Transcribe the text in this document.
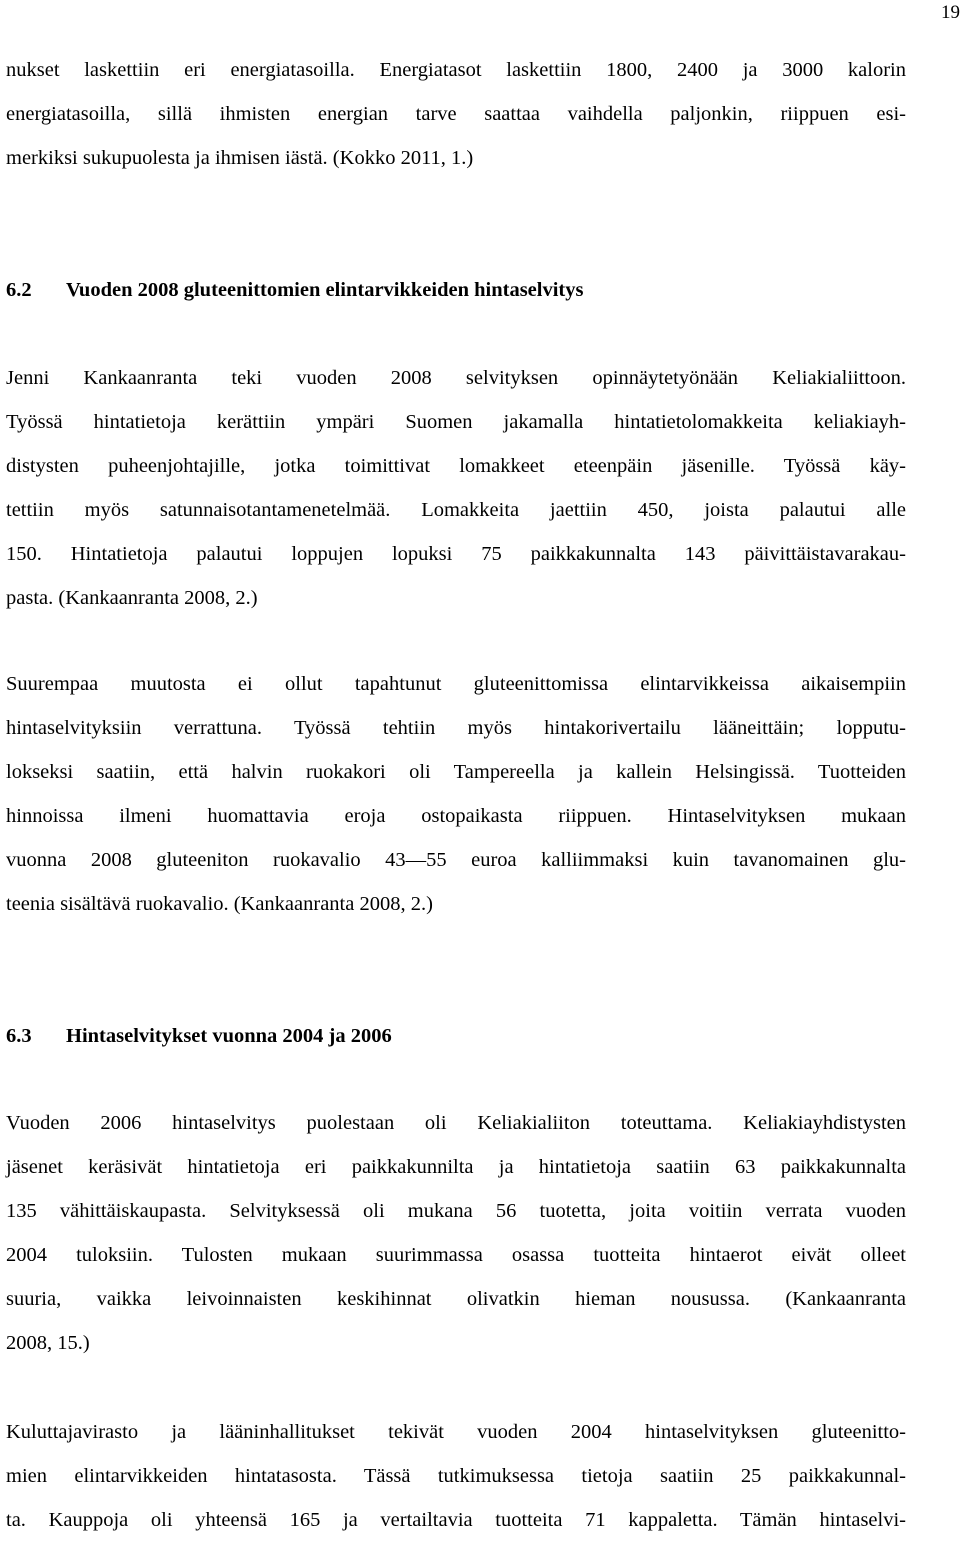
19
nukset laskettiin eri energiatasoilla. Energiatasot laskettiin 1800, 2400 ja 3000 kalorin
energiatasoilla, sillä ihmisten energian tarve saattaa vaihdella paljonkin, riippuen esi-
merkiksi sukupuolesta ja ihmisen iästä. (Kokko 2011, 1.)
6.2 Vuoden 2008 gluteenittomien elintarvikkeiden hintaselvitys
Jenni Kankaanranta teki vuoden 2008 selvityksen opinnäytetyönään Keliakialiittoon.
Työssä hintatietoja kerättiin ympäri Suomen jakamalla hintatietolomakkeita keliakiayh-
distysten puheenjohtajille, jotka toimittivat lomakkeet eteenpäin jäsenille. Työssä käy-
tettiin myös satunnaisotantamenetelmää. Lomakkeita jaettiin 450, joista palautui alle
150. Hintatietoja palautui loppujen lopuksi 75 paikkakunnalta 143 päivittäistavarakau-
pasta. (Kankaanranta 2008, 2.)
Suurempaa muutosta ei ollut tapahtunut gluteenittomissa elintarvikkeissa aikaisempiin
hintaselvityksiin verrattuna. Työssä tehtiin myös hintakorivertailu lääneittäin; lopputu-
lokseksi saatiin, että halvin ruokakori oli Tampereella ja kallein Helsingissä. Tuotteiden
hinnoissa ilmeni huomattavia eroja ostopaikasta riippuen. Hintaselvityksen mukaan
vuonna 2008 gluteeniton ruokavalio 43—55 euroa kalliimmaksi kuin tavanomainen glu-
teenia sisältävä ruokavalio. (Kankaanranta 2008, 2.)
6.3 Hintaselvitykset vuonna 2004 ja 2006
Vuoden 2006 hintaselvitys puolestaan oli Keliakialiiton toteuttama. Keliakiayhdistysten
jäsenet keräsivät hintatietoja eri paikkakunnilta ja hintatietoja saatiin 63 paikkakunnalta
135 vähittäiskaupasta. Selvityksessä oli mukana 56 tuotetta, joita voitiin verrata vuoden
2004 tuloksiin. Tulosten mukaan suurimmassa osassa tuotteita hintaerot eivät olleet
suuria, vaikka leivoinnaisten keskihinnat olivatkin hieman nousussa. (Kankaanranta
2008, 15.)
Kuluttajavirasto ja lääninhallitukset tekivät vuoden 2004 hintaselvityksen gluteenitto-
mien elintarvikkeiden hintatasosta. Tässä tutkimuksessa tietoja saatiin 25 paikkakunnal-
ta. Kauppoja oli yhteensä 165 ja vertailtavia tuotteita 71 kappaletta. Tämän hintaselvi-
